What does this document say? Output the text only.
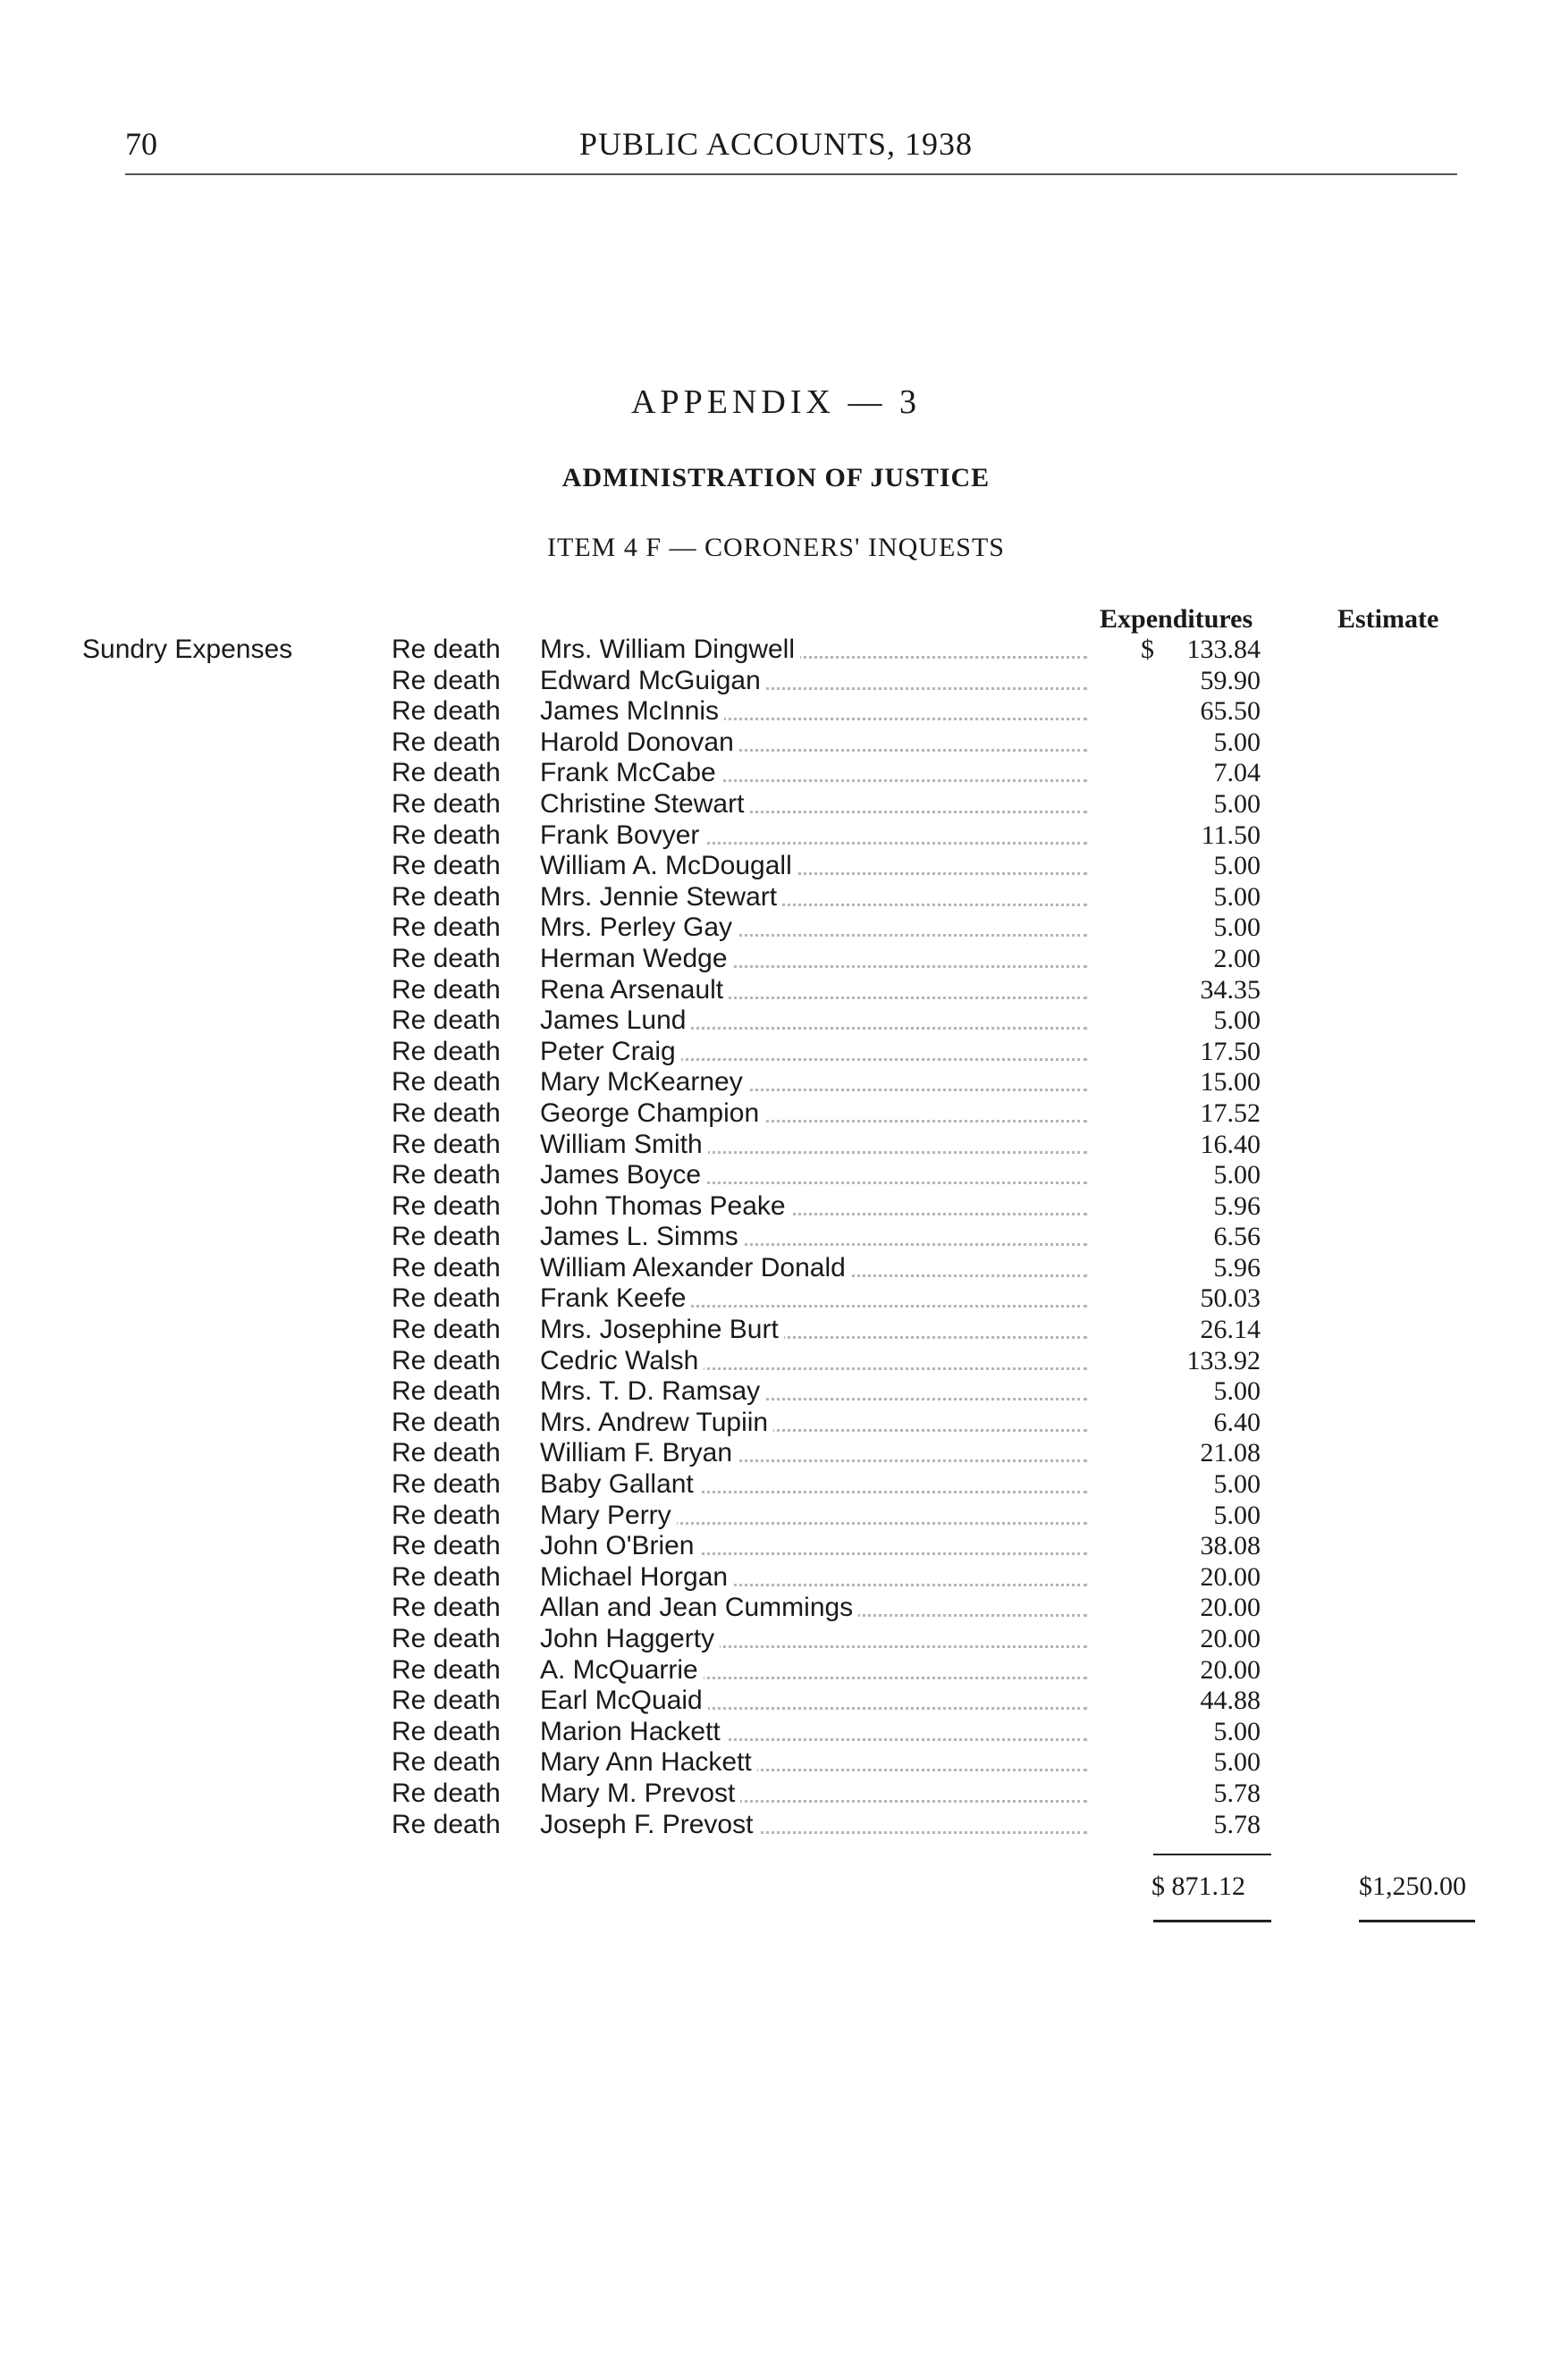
70	PUBLIC ACCOUNTS, 1938
APPENDIX — 3
ADMINISTRATION OF JUSTICE
ITEM 4 F — CORONERS' INQUESTS
Expenditures	Estimate
Sundry Expenses	Re death Mrs. William Dingwell	$ 133.84
Re death Edward McGuigan	59.90
Re death James McInnis	65.50
Re death Harold Donovan	5.00
Re death Frank McCabe	7.04
Re death Christine Stewart	5.00
Re death Frank Bovyer	11.50
Re death William A. McDougall	5.00
Re death Mrs. Jennie Stewart	5.00
Re death Mrs. Perley Gay	5.00
Re death Herman Wedge	2.00
Re death Rena Arsenault	34.35
Re death James Lund	5.00
Re death Peter Craig	17.50
Re death Mary McKearney	15.00
Re death George Champion	17.52
Re death William Smith	16.40
Re death James Boyce	5.00
Re death John Thomas Peake	5.96
Re death James L. Simms	6.56
Re death William Alexander Donald	5.96
Re death Frank Keefe	50.03
Re death Mrs. Josephine Burt	26.14
Re death Cedric Walsh	133.92
Re death Mrs. T. D. Ramsay	5.00
Re death Mrs. Andrew Tupiin	6.40
Re death William F. Bryan	21.08
Re death Baby Gallant	5.00
Re death Mary Perry	5.00
Re death John O'Brien	38.08
Re death Michael Horgan	20.00
Re death Allan and Jean Cummings	20.00
Re death John Haggerty	20.00
Re death A. McQuarrie	20.00
Re death Earl McQuaid	44.88
Re death Marion Hackett	5.00
Re death Mary Ann Hackett	5.00
Re death Mary M. Prevost	5.78
Re death Joseph F. Prevost	5.78
$ 871.12	$1,250.00
